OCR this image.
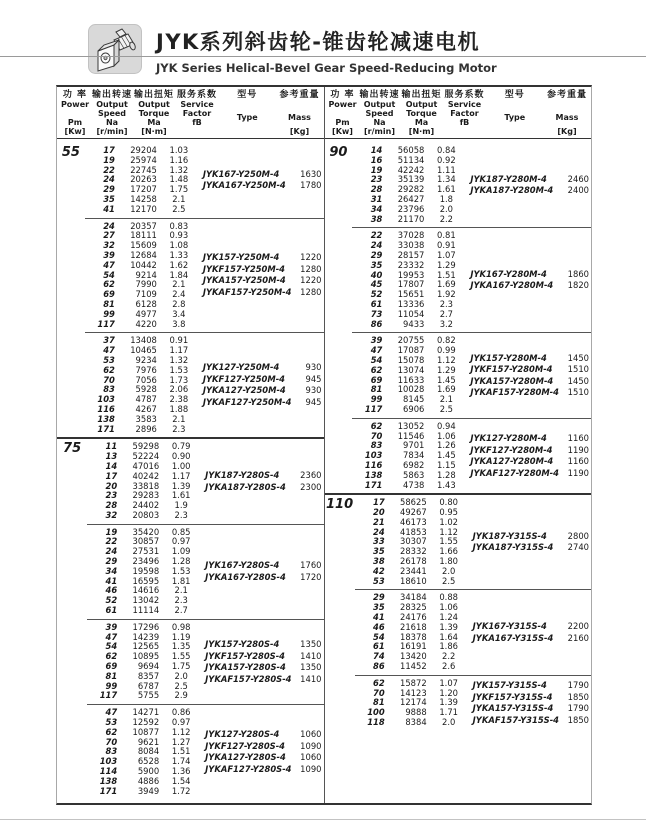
JYK系列斜齿轮-锥齿轮减速电机
JYK Series Helical-Bevel Gear Speed-Reducing Motor
功 率
Power
Pm
[Kw]
输出转速
Output
Speed
Na
[r/min]
输出扭矩
Output
Torque
Ma
[N·m]
服务系数
Service
Factor
fB
型号
Type
参考重量
Mass
[Kg]
55	17	29204	1.03
19	25974	1.16
22	22745	1.32
24	20263	1.48
29	17207	1.75
35	14258	2.1
41	12170	2.5
JYK167-Y250M-4	1630
JYKA167-Y250M-4	1780
24	20357	0.83
27	18111	0.93
32	15609	1.08
39	12684	1.33
47	10442	1.62
54	9214	1.84
62	7990	2.1
69	7109	2.4
81	6128	2.8
99	4977	3.4
117	4220	3.8
JYK157-Y250M-4	1220
JYKF157-Y250M-4	1280
JYKA157-Y250M-4	1220
JYKAF157-Y250M-4	1280
37	13408	0.91
47	10465	1.17
53	9234	1.32
62	7976	1.53
70	7056	1.73
83	5928	2.06
103	4787	2.38
116	4267	1.88
138	3583	2.1
171	2896	2.3
JYK127-Y250M-4	930
JYKF127-Y250M-4	945
JYKA127-Y250M-4	930
JYKAF127-Y250M-4	945
75	11	59298	0.79
13	52224	0.90
14	47016	1.00
17	40242	1.17
20	33818	1.39
23	29283	1.61
28	24402	1.9
32	20803	2.3
JYK187-Y280S-4	2360
JYKA187-Y280S-4	2300
19	35420	0.85
22	30857	0.97
24	27531	1.09
29	23496	1.28
34	19598	1.53
41	16595	1.81
46	14616	2.1
52	13042	2.3
61	11114	2.7
JYK167-Y280S-4	1760
JYKA167-Y280S-4	1720
39	17296	0.98
47	14239	1.19
54	12565	1.35
62	10895	1.55
69	9694	1.75
81	8357	2.0
99	6787	2.5
117	5755	2.9
JYK157-Y280S-4	1350
JYKF157-Y280S-4	1410
JYKA157-Y280S-4	1350
JYKAF157-Y280S-4	1410
47	14271	0.86
53	12592	0.97
62	10877	1.12
70	9621	1.27
83	8084	1.51
103	6528	1.74
114	5900	1.36
138	4886	1.54
171	3949	1.72
JYK127-Y280S-4	1060
JYKF127-Y280S-4	1090
JYKA127-Y280S-4	1060
JYKAF127-Y280S-4	1090
功 率
Power
Pm
[Kw]
输出转速
Output
Speed
Na
[r/min]
输出扭矩
Output
Torque
Ma
[N·m]
服务系数
Service
Factor
fB
型号
Type
参考重量
Mass
[Kg]
90	14	56058	0.84
16	51134	0.92
19	42242	1.11
23	35139	1.34
28	29282	1.61
31	26427	1.8
34	23796	2.0
38	21170	2.2
JYK187-Y280M-4	2460
JYKA187-Y280M-4	2400
22	37028	0.81
24	33038	0.91
29	28157	1.07
35	23332	1.29
40	19953	1.51
45	17807	1.69
52	15651	1.92
61	13336	2.3
73	11054	2.7
86	9433	3.2
JYK167-Y280M-4	1860
JYKA167-Y280M-4	1820
39	20755	0.82
47	17087	0.99
54	15078	1.12
62	13074	1.29
69	11633	1.45
81	10028	1.69
99	8145	2.1
117	6906	2.5
JYK157-Y280M-4	1450
JYKF157-Y280M-4	1510
JYKA157-Y280M-4	1450
JYKAF157-Y280M-4	1510
62	13052	0.94
70	11546	1.06
83	9701	1.26
103	7834	1.45
116	6982	1.15
138	5863	1.28
171	4738	1.43
JYK127-Y280M-4	1160
JYKF127-Y280M-4	1190
JYKA127-Y280M-4	1160
JYKAF127-Y280M-4	1190
110	17	58625	0.80
20	49267	0.95
21	46173	1.02
24	41853	1.12
33	30307	1.55
35	28332	1.66
38	26178	1.80
42	23441	2.0
53	18610	2.5
JYK187-Y315S-4	2800
JYKA187-Y315S-4	2740
29	34184	0.88
35	28325	1.06
41	24176	1.24
46	21618	1.39
54	18378	1.64
61	16191	1.86
74	13420	2.2
86	11452	2.6
JYK167-Y315S-4	2200
JYKA167-Y315S-4	2160
62	15872	1.07
70	14123	1.20
81	12174	1.39
100	9888	1.71
118	8384	2.0
JYK157-Y315S-4	1790
JYKF157-Y315S-4	1850
JYKA157-Y315S-4	1790
JYKAF157-Y315S-4	1850
